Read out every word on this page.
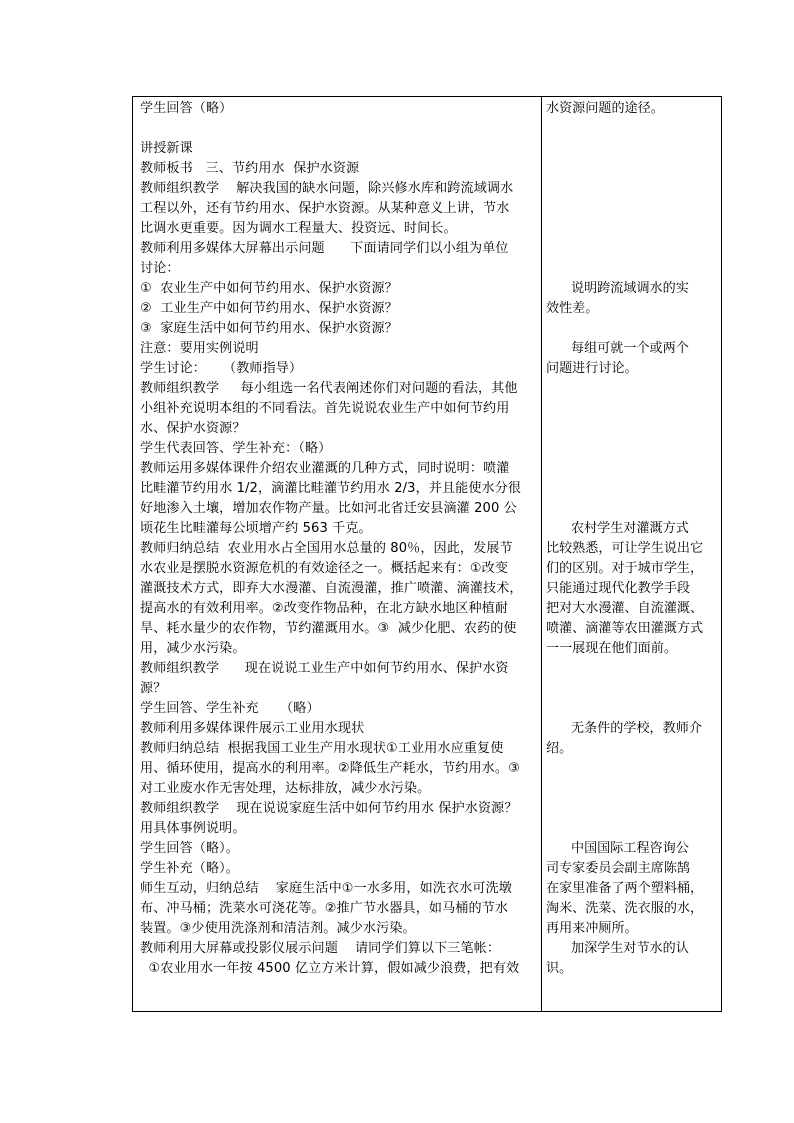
学生回答（略）
讲授新课
教师板书   三、节约用水  保护水资源
教师组织教学    解决我国的缺水问题，除兴修水库和跨流域调水
工程以外，还有节约用水、保护水资源。从某种意义上讲，节水
比调水更重要。因为调水工程量大、投资远、时间长。
教师利用多媒体大屏幕出示问题      下面请同学们以小组为单位
讨论：
①  农业生产中如何节约用水、保护水资源？
②  工业生产中如何节约用水、保护水资源？
③  家庭生活中如何节约用水、保护水资源？
注意：要用实例说明
学生讨论：    （教师指导）
教师组织教学     每小组选一名代表阐述你们对问题的看法，其他
小组补充说明本组的不同看法。首先说说农业生产中如何节约用
水、保护水资源？
学生代表回答、学生补充：（略）
教师运用多媒体课件介绍农业灌溉的几种方式，同时说明：喷灌
比畦灌节约用水 1/2，滴灌比畦灌节约用水 2/3，并且能使水分很
好地渗入土壤，增加农作物产量。比如河北省迁安县滴灌 200 公
顷花生比畦灌每公顷增产约 563 千克。
教师归纳总结  农业用水占全国用水总量的 80％，因此，发展节
水农业是摆脱水资源危机的有效途径之一。概括起来有：①改变
灌溉技术方式，即弃大水漫灌、自流漫灌，推广喷灌、滴灌技术，
提高水的有效利用率。②改变作物品种，在北方缺水地区种植耐
旱、耗水量少的农作物，节约灌溉用水。③  减少化肥、农药的使
用，减少水污染。
教师组织教学      现在说说工业生产中如何节约用水、保护水资
源？
学生回答、学生补充     （略）
教师利用多媒体课件展示工业用水现状
教师归纳总结  根据我国工业生产用水现状①工业用水应重复使
用、循环使用，提高水的利用率。②降低生产耗水，节约用水。③
对工业废水作无害处理，达标排放，减少水污染。
教师组织教学    现在说说家庭生活中如何节约用水 保护水资源？
用具体事例说明。
学生回答（略）。
学生补充（略）。
师生互动，归纳总结    家庭生活中①一水多用，如洗衣水可洗墩
布、冲马桶；洗菜水可浇花等。②推广节水器具，如马桶的节水
装置。③少使用洗涤剂和清洁剂。减少水污染。
教师利用大屏幕或投影仪展示问题    请同学们算以下三笔帐：
①农业用水一年按 4500 亿立方米计算，假如减少浪费，把有效
水资源问题的途径。
说明跨流域调水的实
效性差。
每组可就一个或两个
问题进行讨论。
农村学生对灌溉方式
比较熟悉，可让学生说出它
们的区别。对于城市学生，
只能通过现代化教学手段
把对大水漫灌、自流灌溉、
喷灌、滴灌等农田灌溉方式
一一展现在他们面前。
无条件的学校，教师介
绍。
中国国际工程咨询公
司专家委员会副主席陈鹄
在家里准备了两个塑料桶，
淘米、洗菜、洗衣服的水，
再用来冲厕所。
加深学生对节水的认
识。
